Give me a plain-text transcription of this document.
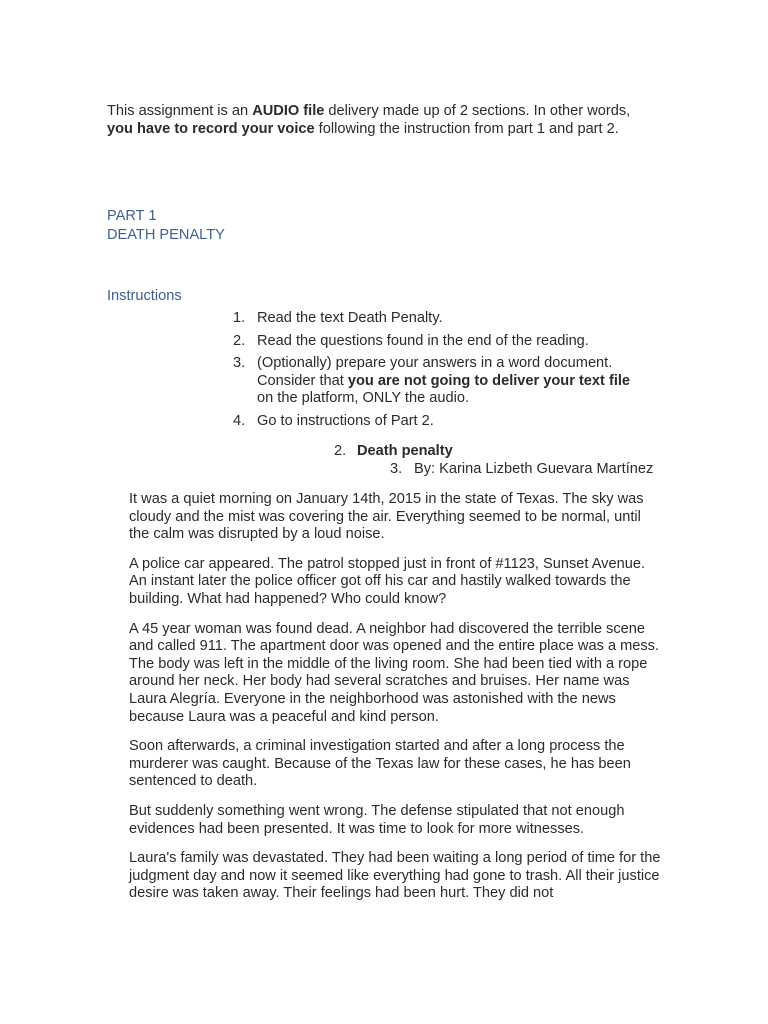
This assignment is an AUDIO file delivery made up of 2 sections. In other words, you have to record your voice following the instruction from part 1 and part 2.
PART 1
DEATH PENALTY
Instructions
1. Read the text Death Penalty.
2. Read the questions found in the end of the reading.
3. (Optionally) prepare your answers in a word document. Consider that you are not going to deliver your text file on the platform, ONLY the audio.
4. Go to instructions of Part 2.
2. Death penalty
3. By: Karina Lizbeth Guevara Martínez

It was a quiet morning on January 14th, 2015 in the state of Texas. The sky was cloudy and the mist was covering the air. Everything seemed to be normal, until the calm was disrupted by a loud noise.

A police car appeared. The patrol stopped just in front of #1123, Sunset Avenue. An instant later the police officer got off his car and hastily walked towards the building. What had happened? Who could know?

A 45 year woman was found dead. A neighbor had discovered the terrible scene and called 911. The apartment door was opened and the entire place was a mess. The body was left in the middle of the living room. She had been tied with a rope around her neck. Her body had several scratches and bruises. Her name was Laura Alegría. Everyone in the neighborhood was astonished with the news because Laura was a peaceful and kind person.

Soon afterwards, a criminal investigation started and after a long process the murderer was caught. Because of the Texas law for these cases, he has been sentenced to death.

But suddenly something went wrong. The defense stipulated that not enough evidences had been presented. It was time to look for more witnesses.

Laura's family was devastated. They had been waiting a long period of time for the judgment day and now it seemed like everything had gone to trash. All their justice desire was taken away. Their feelings had been hurt. They did not
